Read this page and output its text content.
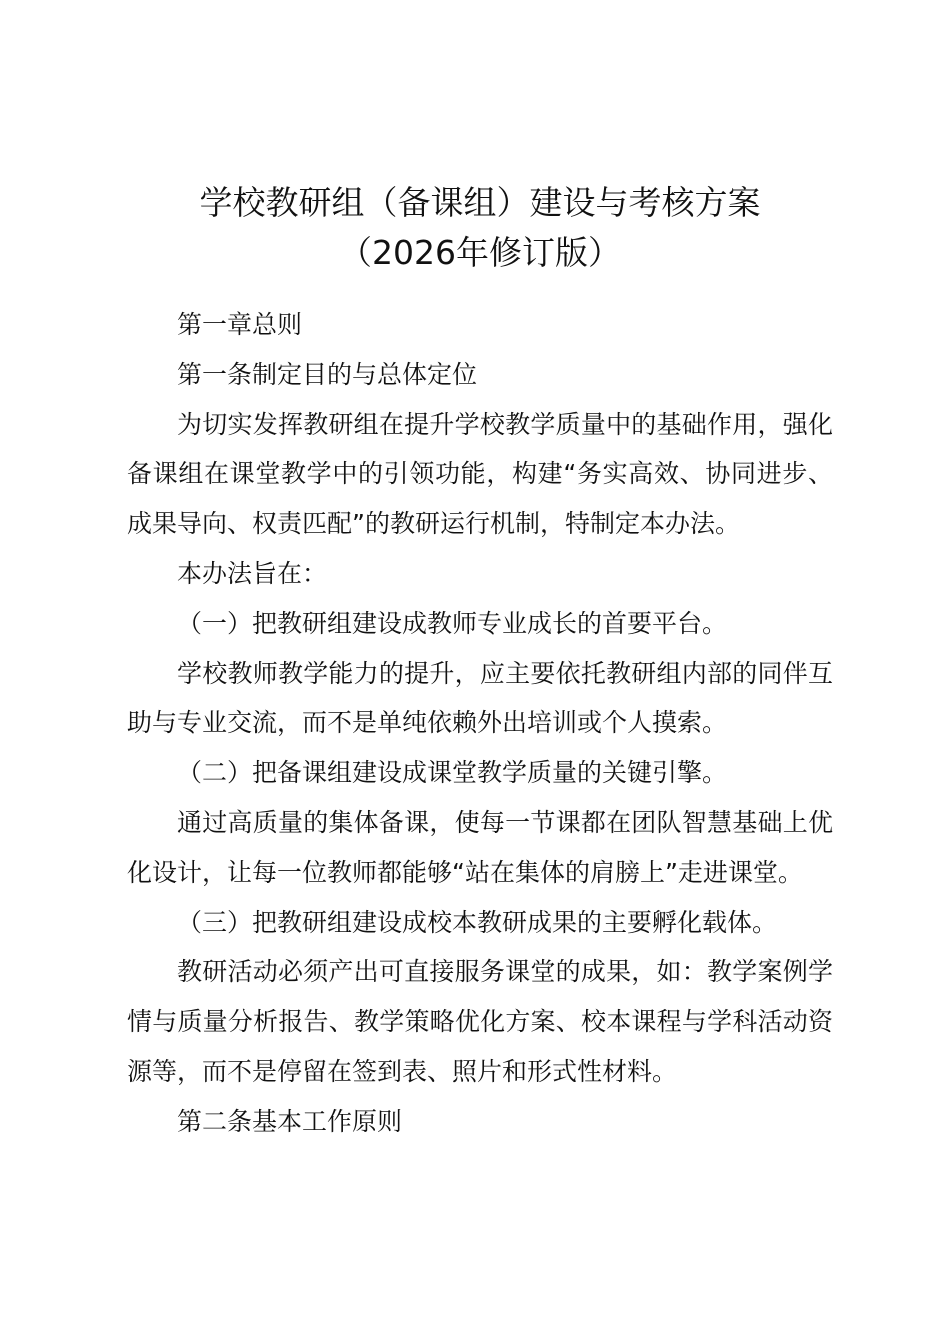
学校教研组（备课组）建设与考核方案
（2026年修订版）

第一章总则

第一条制定目的与总体定位

为切实发挥教研组在提升学校教学质量中的基础作用，强化备课组在课堂教学中的引领功能，构建“务实高效、协同进步、成果导向、权责匹配”的教研运行机制，特制定本办法。

本办法旨在：

（一）把教研组建设成教师专业成长的首要平台。

学校教师教学能力的提升，应主要依托教研组内部的同伴互助与专业交流，而不是单纯依赖外出培训或个人摸索。

（二）把备课组建设成课堂教学质量的关键引擎。

通过高质量的集体备课，使每一节课都在团队智慧基础上优化设计，让每一位教师都能够“站在集体的肩膀上”走进课堂。

（三）把教研组建设成校本教研成果的主要孵化载体。

教研活动必须产出可直接服务课堂的成果，如：教学案例学情与质量分析报告、教学策略优化方案、校本课程与学科活动资源等，而不是停留在签到表、照片和形式性材料。

第二条基本工作原则
